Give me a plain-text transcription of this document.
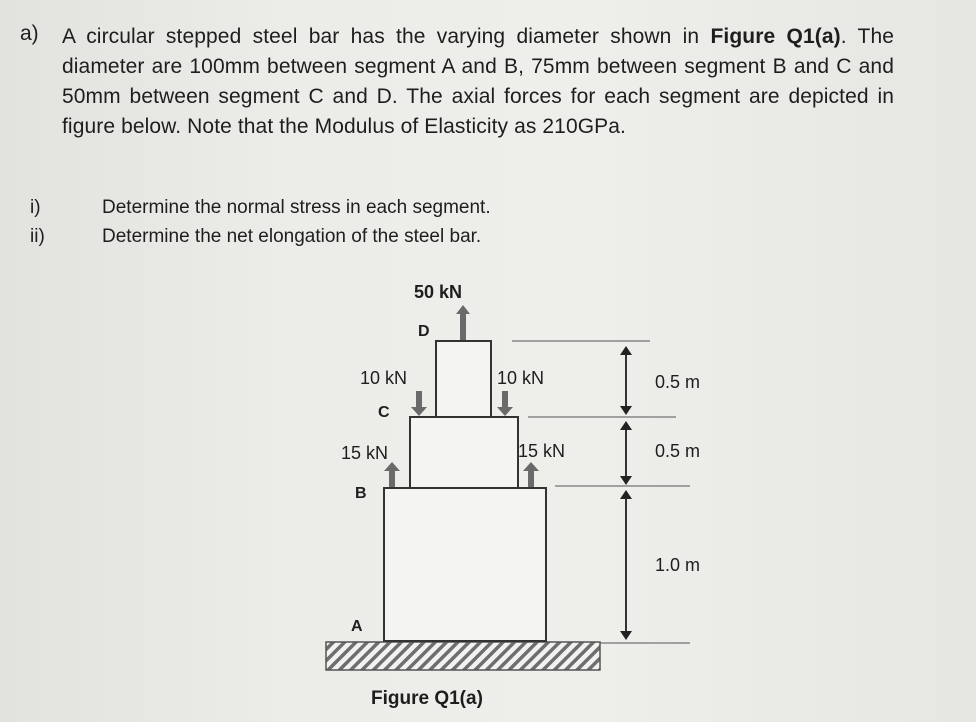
a) A circular stepped steel bar has the varying diameter shown in Figure Q1(a). The diameter are 100mm between segment A and B, 75mm between segment B and C and 50mm between segment C and D. The axial forces for each segment are depicted in figure below. Note that the Modulus of Elasticity as 210GPa.
i)	Determine the normal stress in each segment.
ii)	Determine the net elongation of the steel bar.
50 kN
D
10 kN	10 kN
C
15 kN	15 kN
B
A
0.5 m
0.5 m
1.0 m
Figure Q1(a)
